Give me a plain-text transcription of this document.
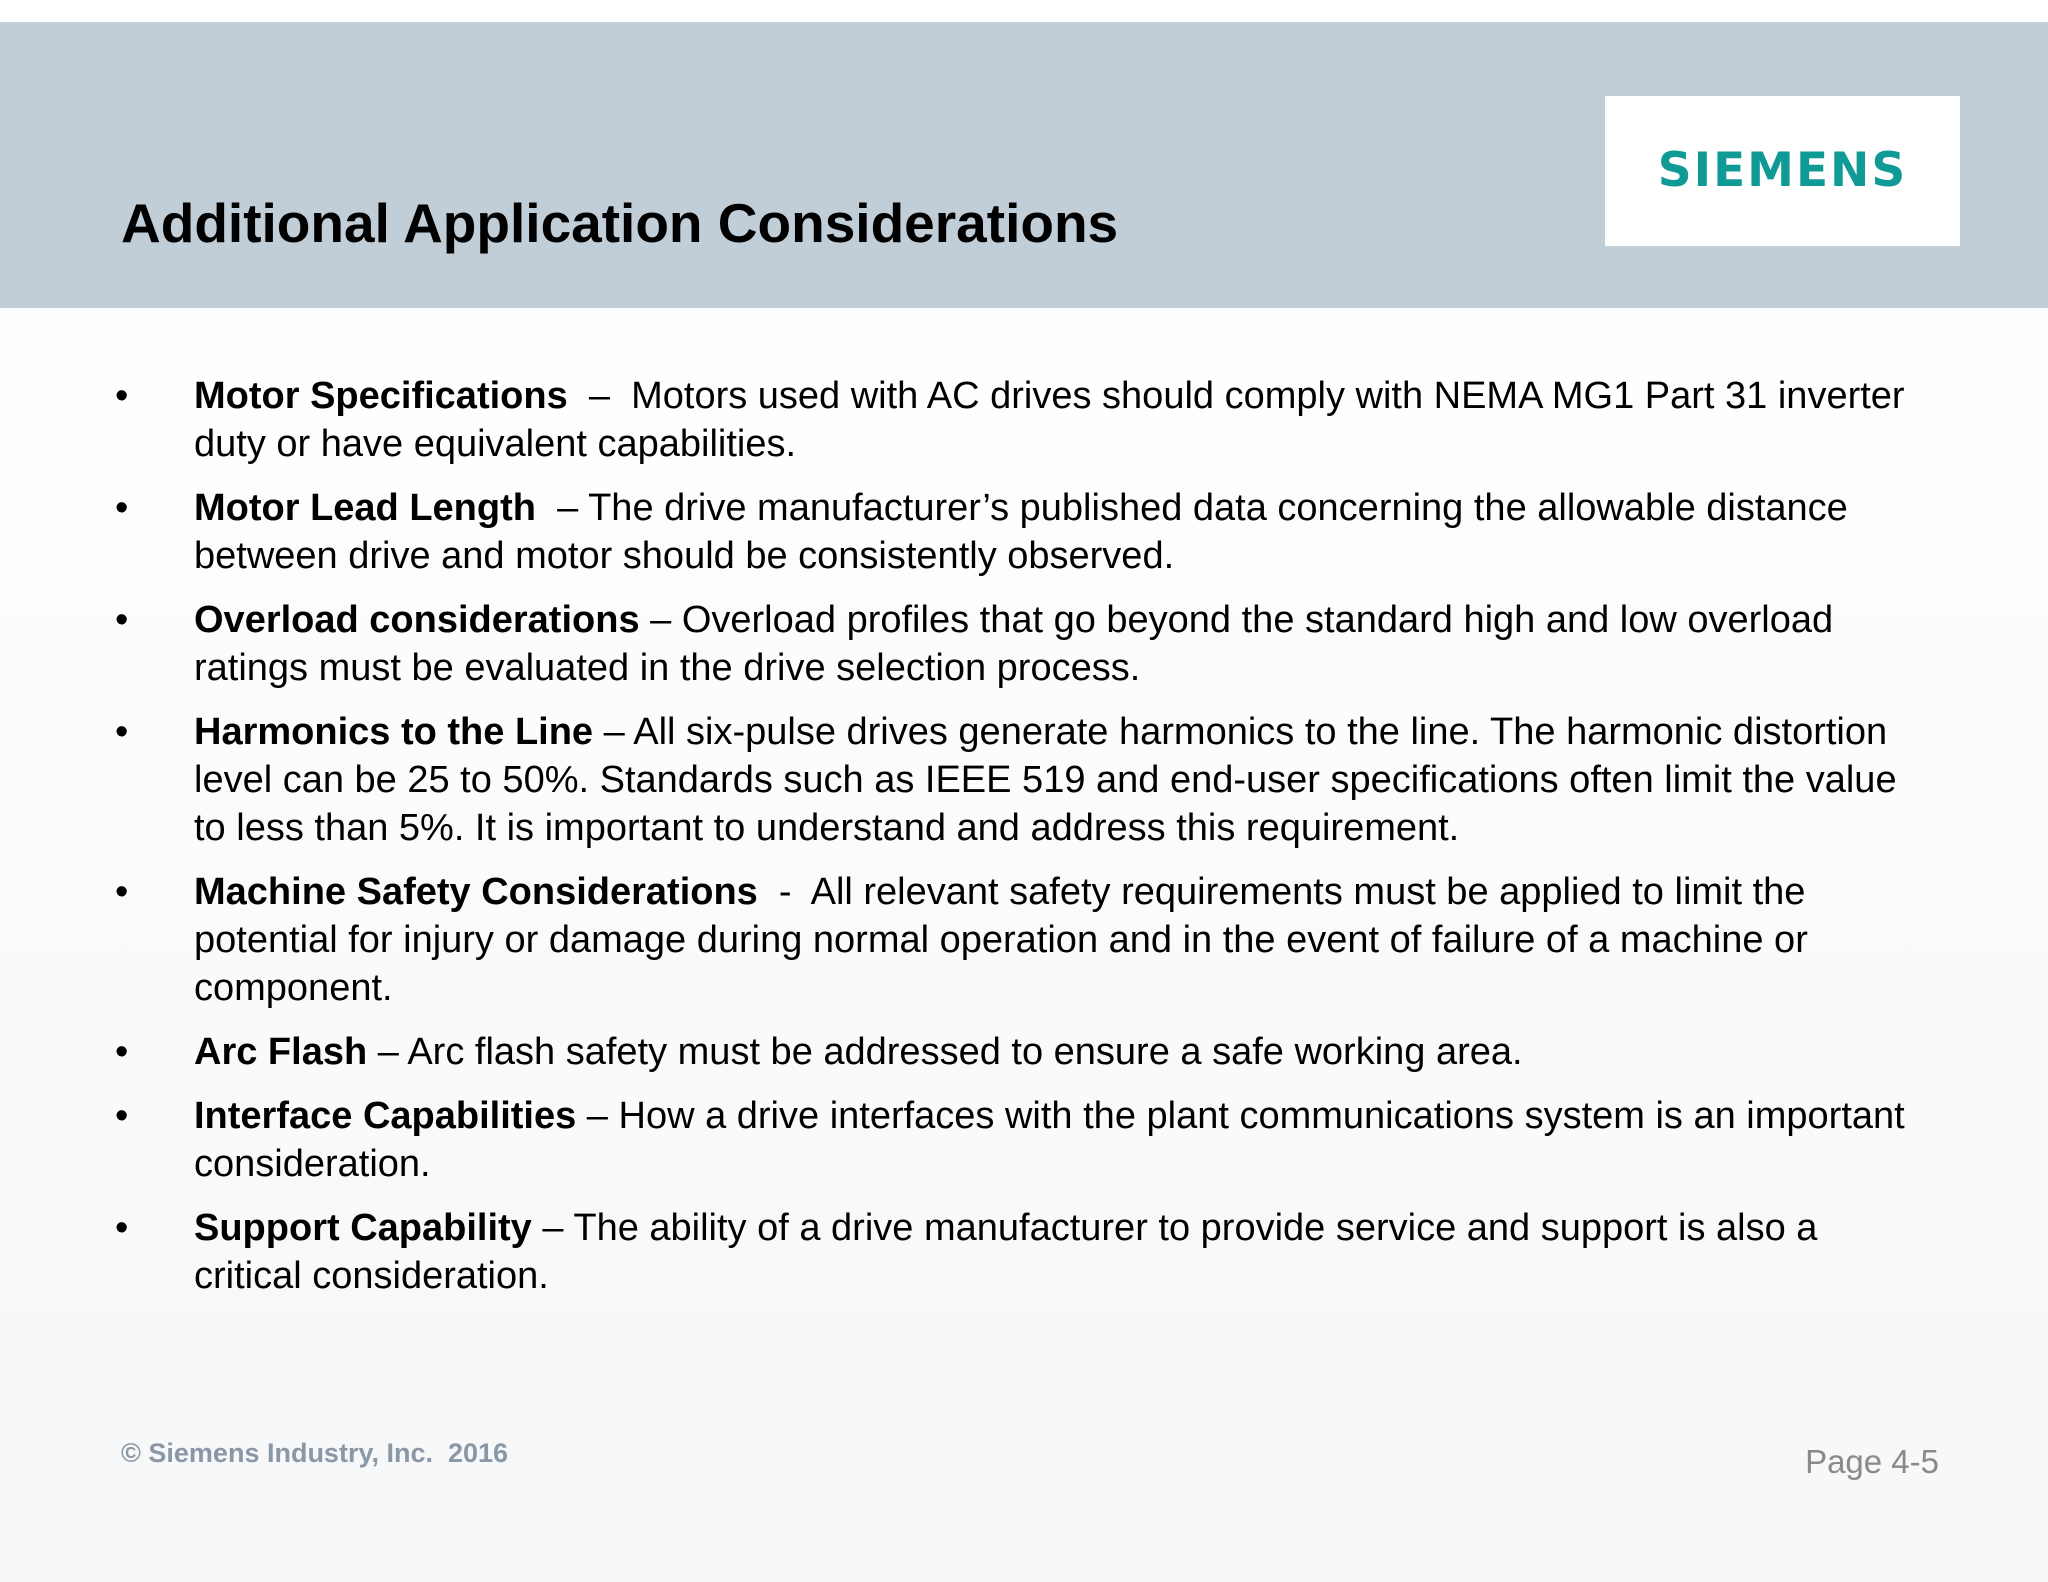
Additional Application Considerations
SIEMENS
• Motor Specifications  –  Motors used with AC drives should comply with NEMA MG1 Part 31 inverter duty or have equivalent capabilities.
• Motor Lead Length  – The drive manufacturer’s published data concerning the allowable distance between drive and motor should be consistently observed.
• Overload considerations – Overload profiles that go beyond the standard high and low overload ratings must be evaluated in the drive selection process.
• Harmonics to the Line – All six-pulse drives generate harmonics to the line. The harmonic distortion level can be 25 to 50%. Standards such as IEEE 519 and end-user specifications often limit the value to less than 5%. It is important to understand and address this requirement.
• Machine Safety Considerations  -  All relevant safety requirements must be applied to limit the potential for injury or damage during normal operation and in the event of failure of a machine or component.
• Arc Flash – Arc flash safety must be addressed to ensure a safe working area.
• Interface Capabilities – How a drive interfaces with the plant communications system is an important consideration.
• Support Capability – The ability of a drive manufacturer to provide service and support is also a critical consideration.
© Siemens Industry, Inc.  2016	Page 4-5
